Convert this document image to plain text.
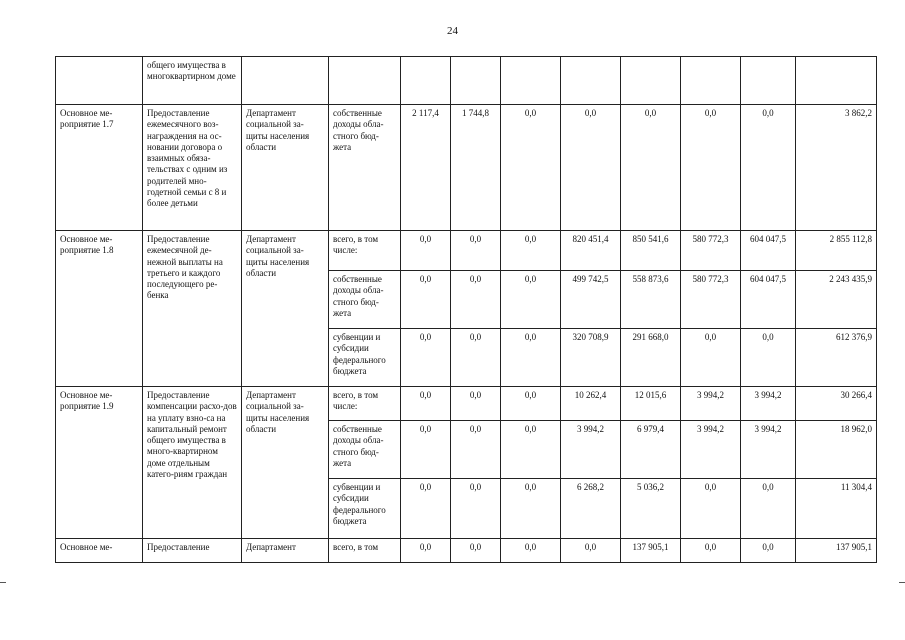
24
	общего имущества в многоквартирном доме										
Основное ме-роприятие 1.7	Предоставление ежемесячного воз-награждения на ос-новании договора о взаимных обяза-тельствах с одним из родителей мно-годетной семьи с 8 и более детьми	Департамент социальной за-щиты населения области	собственные доходы обла-стного бюд-жета	2 117,4	1 744,8	0,0	0,0	0,0	0,0	0,0	3 862,2
Основное ме-роприятие 1.8	Предоставление ежемесячной де-нежной выплаты на третьего и каждого последующего ре-бенка	Департамент социальной за-щиты населения области	всего, в том числе:	0,0	0,0	0,0	820 451,4	850 541,6	580 772,3	604 047,5	2 855 112,8
			собственные доходы обла-стного бюд-жета	0,0	0,0	0,0	499 742,5	558 873,6	580 772,3	604 047,5	2 243 435,9
			субвенции и субсидии федерального бюджета	0,0	0,0	0,0	320 708,9	291 668,0	0,0	0,0	612 376,9
Основное ме-роприятие 1.9	Предоставление компенсации расхо-дов на уплату взно-са на капитальный ремонт общего имущества в много-квартирном доме отдельным катего-риям граждан	Департамент социальной за-щиты населения области	всего, в том числе:	0,0	0,0	0,0	10 262,4	12 015,6	3 994,2	3 994,2	30 266,4
			собственные доходы обла-стного бюд-жета	0,0	0,0	0,0	3 994,2	6 979,4	3 994,2	3 994,2	18 962,0
			субвенции и субсидии федерального бюджета	0,0	0,0	0,0	6 268,2	5 036,2	0,0	0,0	11 304,4
Основное ме-	Предоставление	Департамент	всего, в том	0,0	0,0	0,0	0,0	137 905,1	0,0	0,0	137 905,1
